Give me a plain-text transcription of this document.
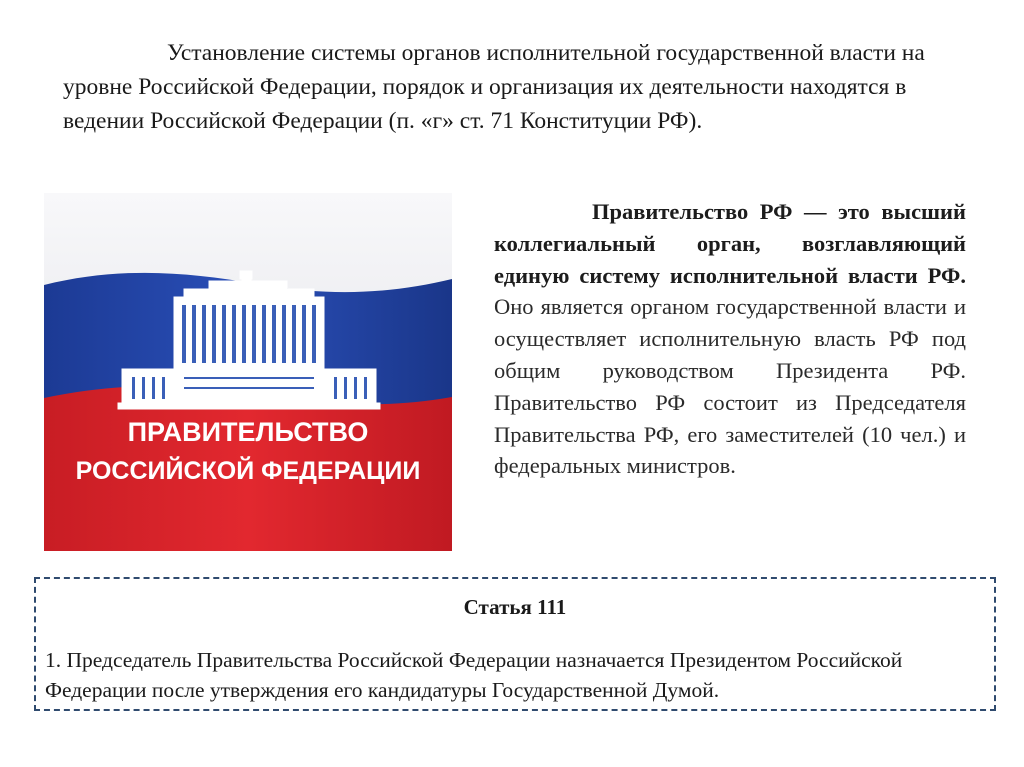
Установление системы органов исполнительной государственной власти на уровне Российской Федерации, порядок и организация их деятельности находятся в ведении Российской Федерации (п. «г» ст. 71 Конституции РФ).

ПРАВИТЕЛЬСТВО
РОССИЙСКОЙ ФЕДЕРАЦИИ

Правительство РФ — это высший коллегиальный орган, возглавляющий единую систему исполнительной власти РФ. Оно является органом государственной власти и осуществляет исполнительную власть РФ под общим руководством Президента РФ. Правительство РФ состоит из Председателя Правительства РФ, его заместителей (10 чел.) и федеральных министров.

Статья 111

1. Председатель Правительства Российской Федерации назначается Президентом Российской Федерации после утверждения его кандидатуры Государственной Думой.
